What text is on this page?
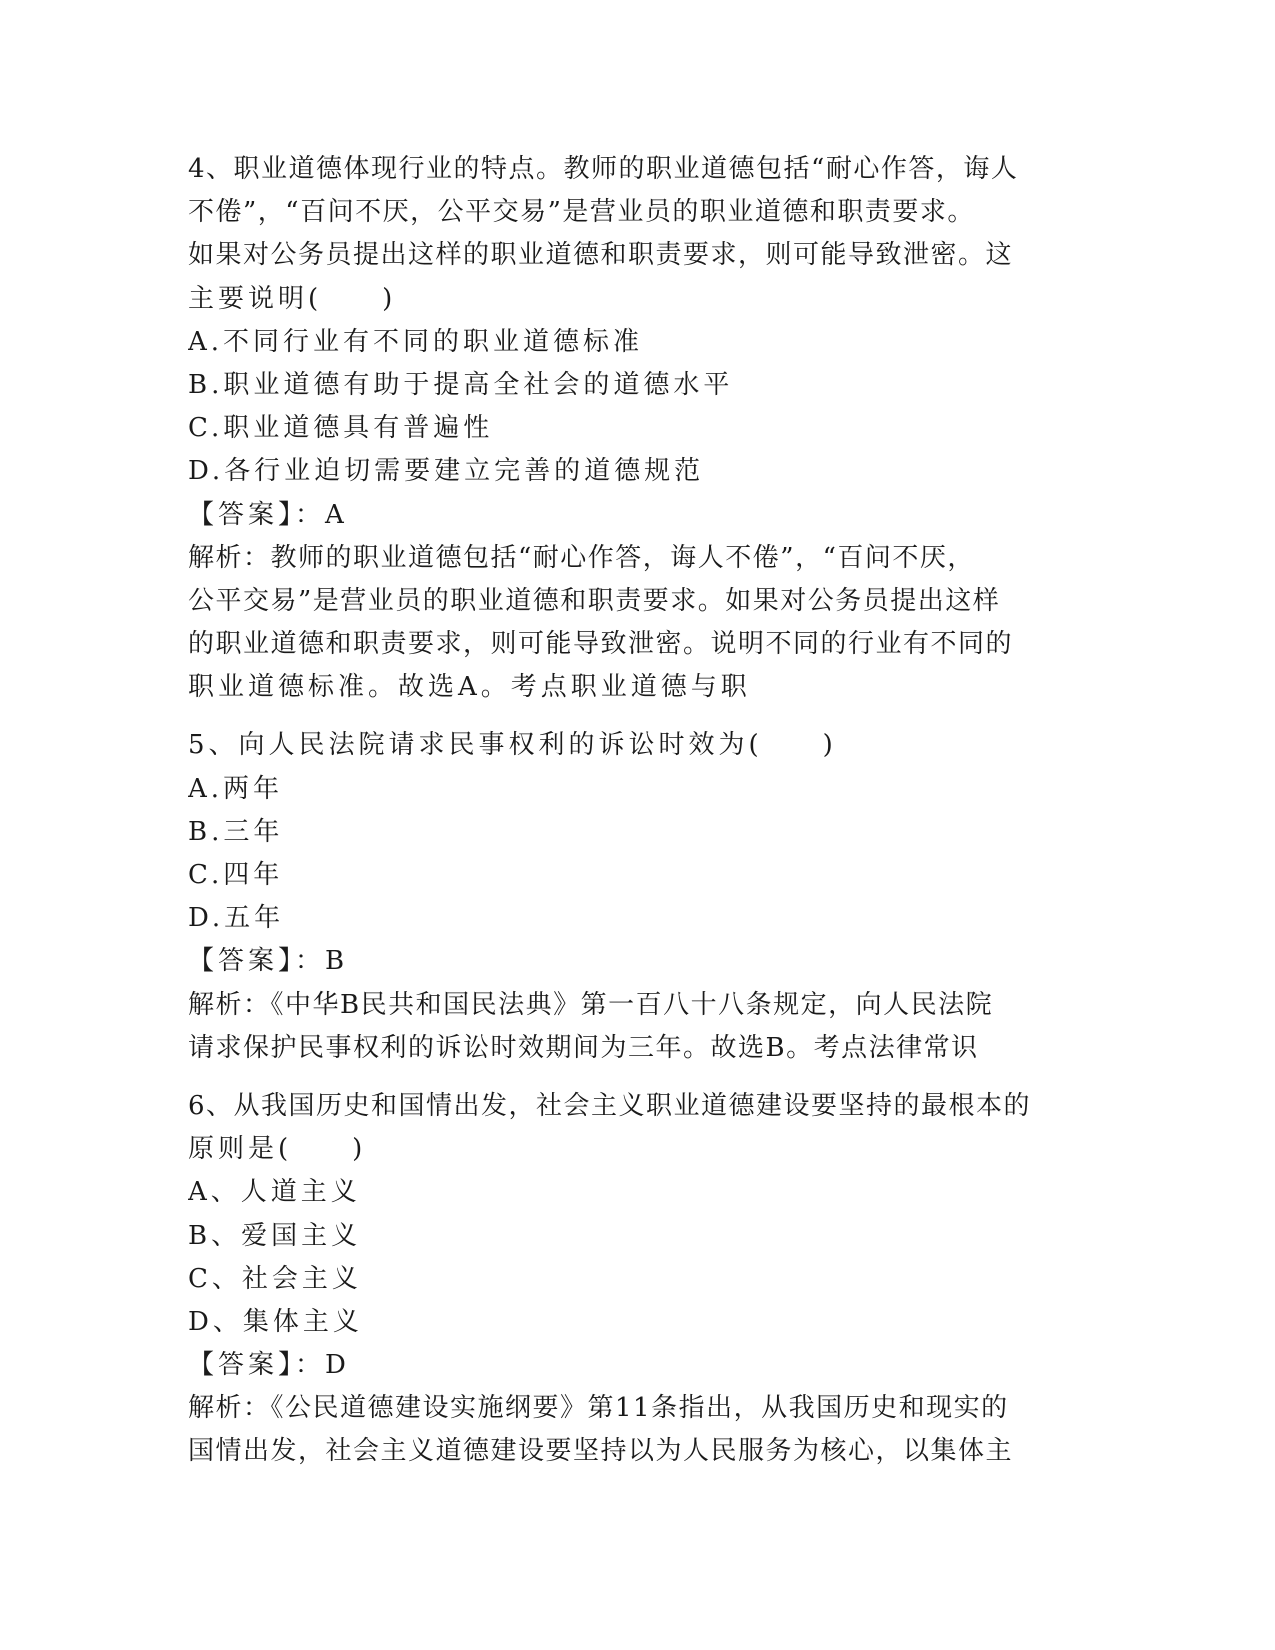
4、职业道德体现行业的特点。教师的职业道德包括“耐心作答，诲人
不倦”，“百问不厌，公平交易”是营业员的职业道德和职责要求。
如果对公务员提出这样的职业道德和职责要求，则可能导致泄密。这
主要说明(　　)
A.不同行业有不同的职业道德标准
B.职业道德有助于提高全社会的道德水平
C.职业道德具有普遍性
D.各行业迫切需要建立完善的道德规范
【答案】：A
解析：教师的职业道德包括“耐心作答，诲人不倦”，“百问不厌，
公平交易”是营业员的职业道德和职责要求。如果对公务员提出这样
的职业道德和职责要求，则可能导致泄密。说明不同的行业有不同的
职业道德标准。故选A。考点职业道德与职
5、向人民法院请求民事权利的诉讼时效为(　　)
A.两年
B.三年
C.四年
D.五年
【答案】：B
解析：《中华B民共和国民法典》第一百八十八条规定，向人民法院
请求保护民事权利的诉讼时效期间为三年。故选B。考点法律常识
6、从我国历史和国情出发，社会主义职业道德建设要坚持的最根本的
原则是(　　)
A、人道主义
B、爱国主义
C、社会主义
D、集体主义
【答案】：D
解析：《公民道德建设实施纲要》第11条指出，从我国历史和现实的
国情出发，社会主义道德建设要坚持以为人民服务为核心，以集体主
